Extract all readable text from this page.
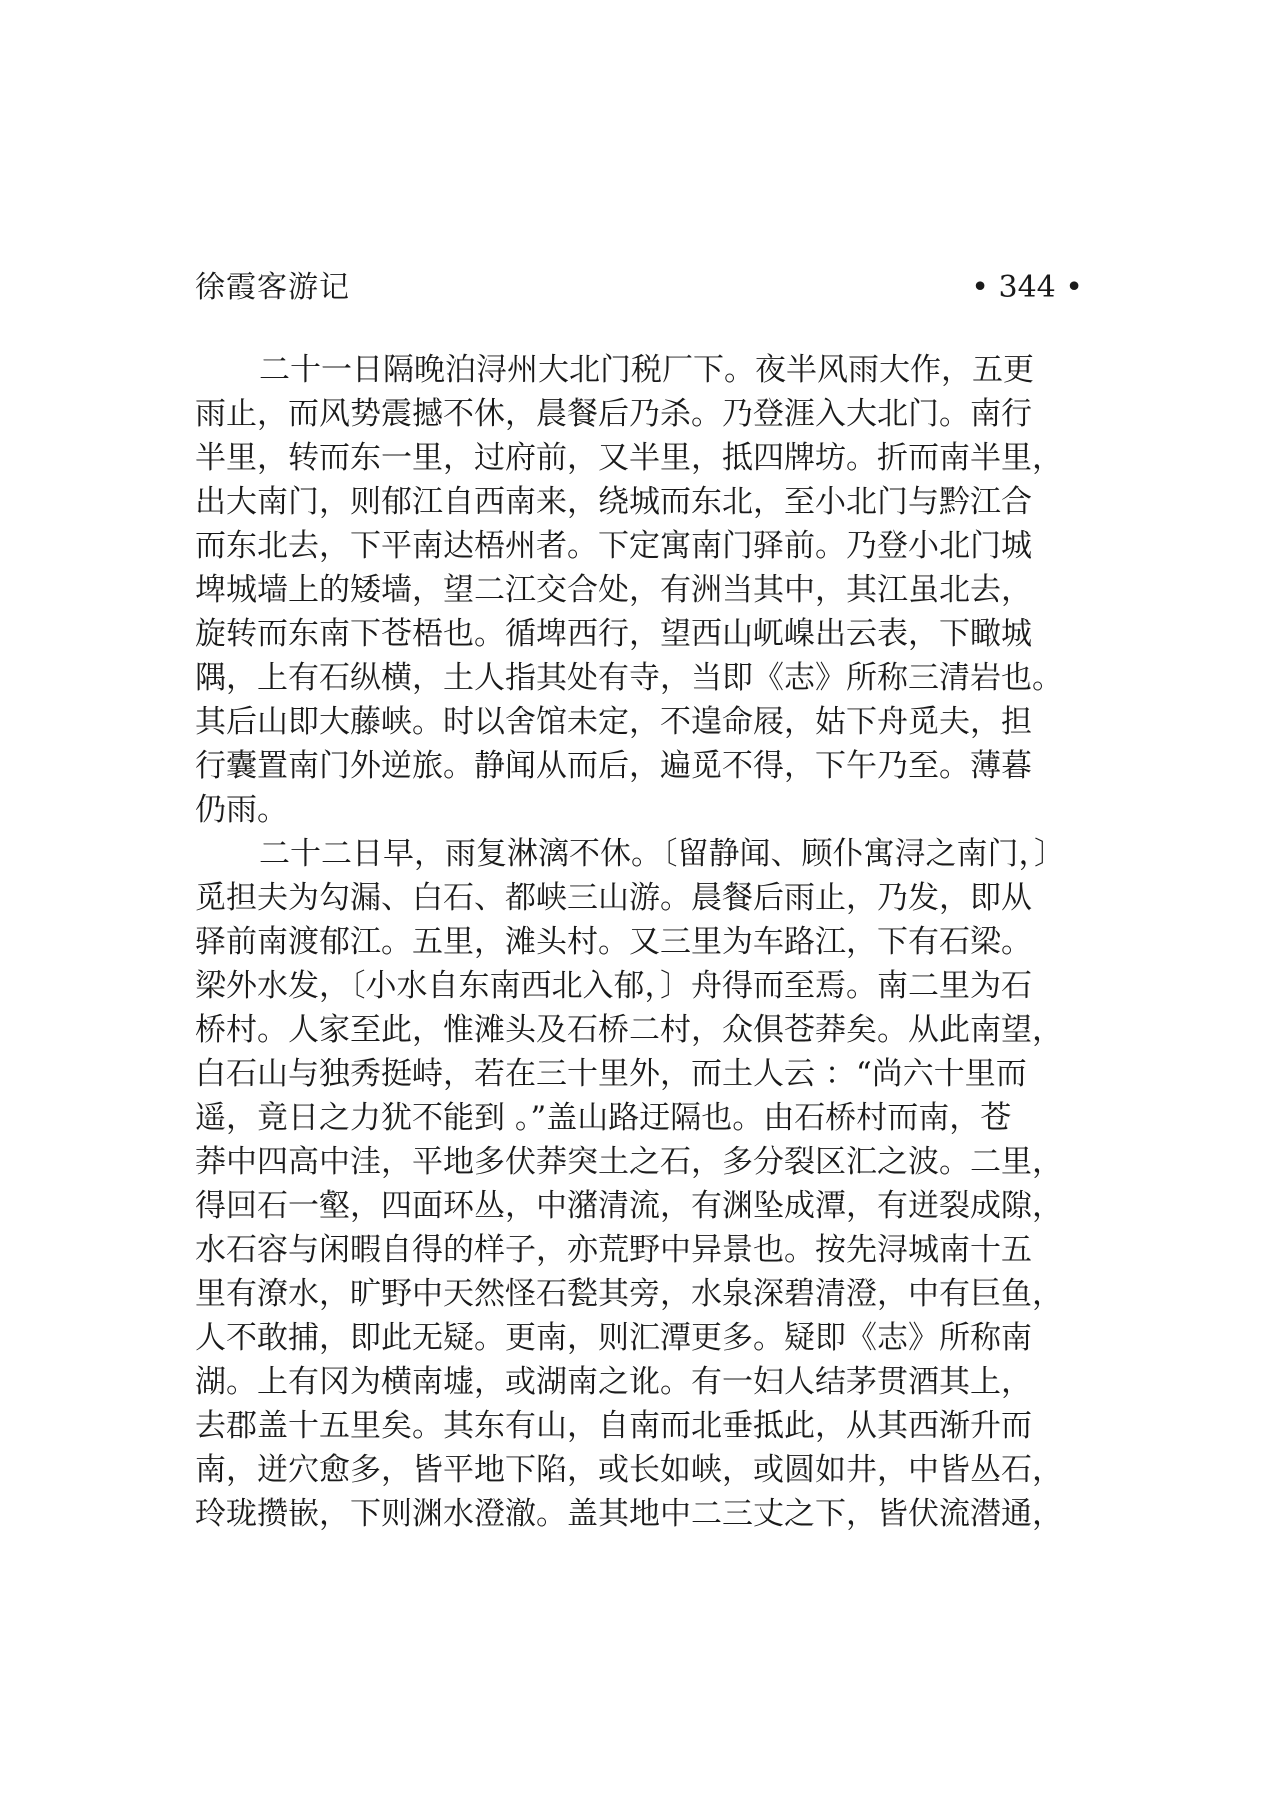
徐霞客游记	• 344 •
二十一日隔晚泊浔州大北门税厂下。夜半风雨大作，五更
雨止，而风势震撼不休，晨餐后乃杀。乃登涯入大北门。南行
半里，转而东一里，过府前，又半里，抵四牌坊。折而南半里，
出大南门，则郁江自西南来，绕城而东北，至小北门与黔江合
而东北去，下平南达梧州者。下定寓南门驿前。乃登小北门城
埤城墙上的矮墙，望二江交合处，有洲当其中，其江虽北去，
旋转而东南下苍梧也。循埤西行，望西山屼嵲出云表，下瞰城
隅，上有石纵横，土人指其处有寺，当即《志》所称三清岩也。
其后山即大藤峡。时以舍馆未定，不遑命屐，姑下舟觅夫，担
行囊置南门外逆旅。静闻从而后，遍觅不得，下午乃至。薄暮
仍雨。
二十二日早，雨复淋漓不休。〔留静闻、顾仆寓浔之南门，〕
觅担夫为勾漏、白石、都峡三山游。晨餐后雨止，乃发，即从
驿前南渡郁江。五里，滩头村。又三里为车路江，下有石梁。
梁外水发，〔小水自东南西北入郁，〕舟得而至焉。南二里为石
桥村。人家至此，惟滩头及石桥二村，众俱苍莽矣。从此南望，
白石山与独秀挺峙，若在三十里外，而土人云 ：“尚六十里而
遥，竟日之力犹不能到 。”盖山路迂隔也。由石桥村而南，苍
莽中四高中洼，平地多伏莽突土之石，多分裂区汇之波。二里，
得回石一壑，四面环丛，中潴清流，有渊坠成潭，有迸裂成隙，
水石容与闲暇自得的样子，亦荒野中异景也。按先浔城南十五
里有潦水，旷野中天然怪石甃其旁，水泉深碧清澄，中有巨鱼，
人不敢捕，即此无疑。更南，则汇潭更多。疑即《志》所称南
湖。上有冈为横南墟，或湖南之讹。有一妇人结茅贯酒其上，
去郡盖十五里矣。其东有山，自南而北垂抵此，从其西渐升而
南，迸穴愈多，皆平地下陷，或长如峡，或圆如井，中皆丛石，
玲珑攒嵌，下则渊水澄澈。盖其地中二三丈之下，皆伏流潜通，
